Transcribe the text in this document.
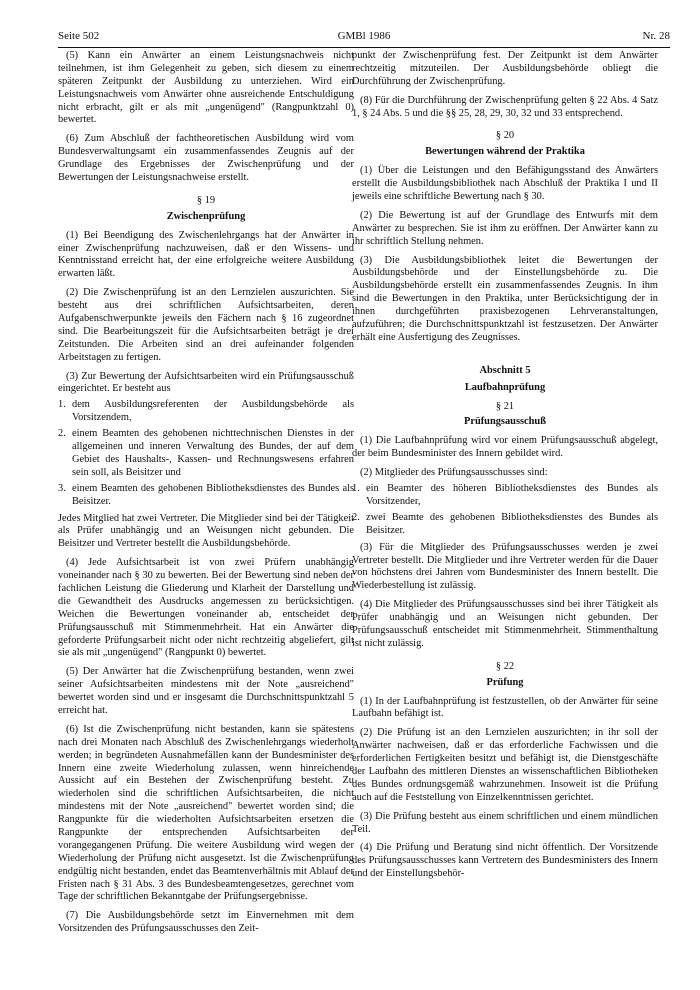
Seite 502	GMBl 1986	Nr. 28

(5) Kann ein Anwärter an einem Leistungsnachweis nicht teilnehmen, ist ihm Gelegenheit zu geben, sich diesem zu einem späteren Zeitpunkt der Ausbildung zu unterziehen. Wird ein Leistungsnachweis vom Anwärter ohne ausreichende Entschuldigung nicht erbracht, gilt er als mit „ungenügend" (Rangpunktzahl 0) bewertet.

(6) Zum Abschluß der fachtheoretischen Ausbildung wird vom Bundesverwaltungsamt ein zusammenfassendes Zeugnis auf der Grundlage des Ergebnisses der Zwischenprüfung und der Bewertungen der Leistungsnachweise erstellt.

§ 19

Zwischenprüfung

(1) Bei Beendigung des Zwischenlehrgangs hat der Anwärter in einer Zwischenprüfung nachzuweisen, daß er den Wissens- und Kenntnisstand erreicht hat, der eine erfolgreiche weitere Ausbildung erwarten läßt.

(2) Die Zwischenprüfung ist an den Lernzielen auszurichten. Sie besteht aus drei schriftlichen Aufsichtsarbeiten, deren Aufgabenschwerpunkte jeweils den Fächern nach § 16 zugeordnet sind. Die Bearbeitungszeit für die Aufsichtsarbeiten beträgt je drei Zeitstunden. Die Arbeiten sind an drei aufeinander folgenden Arbeitstagen zu fertigen.

(3) Zur Bewertung der Aufsichtsarbeiten wird ein Prüfungsausschuß eingerichtet. Er besteht aus

1. dem Ausbildungsreferenten der Ausbildungsbehörde als Vorsitzendem,
2. einem Beamten des gehobenen nichttechnischen Dienstes in der allgemeinen und inneren Verwaltung des Bundes, der auf dem Gebiet des Haushalts-, Kassen- und Rechnungswesens erfahren sein soll, als Beisitzer und
3. einem Beamten des gehobenen Bibliotheksdienstes des Bundes als Beisitzer.

Jedes Mitglied hat zwei Vertreter. Die Mitglieder sind bei der Tätigkeit als Prüfer unabhängig und an Weisungen nicht gebunden. Die Beisitzer und Vertreter bestellt die Ausbildungsbehörde.

(4) Jede Aufsichtsarbeit ist von zwei Prüfern unabhängig voneinander nach § 30 zu bewerten. Bei der Bewertung sind neben der fachlichen Leistung die Gliederung und Klarheit der Darstellung und die Gewandtheit des Ausdrucks angemessen zu berücksichtigen. Weichen die Bewertungen voneinander ab, entscheidet der Prüfungsausschuß mit Stimmenmehrheit. Hat ein Anwärter die geforderte Prüfungsarbeit nicht oder nicht rechtzeitig abgeliefert, gilt sie als mit „ungenügend" (Rangpunkt 0) bewertet.

(5) Der Anwärter hat die Zwischenprüfung bestanden, wenn zwei seiner Aufsichtsarbeiten mindestens mit der Note „ausreichend" bewertet worden sind und er insgesamt die Durchschnittspunktzahl 5 erreicht hat.

(6) Ist die Zwischenprüfung nicht bestanden, kann sie spätestens nach drei Monaten nach Abschluß des Zwischenlehrgangs wiederholt werden; in begründeten Ausnahmefällen kann der Bundesminister des Innern eine zweite Wiederholung zulassen, wenn hinreichende Aussicht auf ein Bestehen der Zwischenprüfung besteht. Zu wiederholen sind die schriftlichen Aufsichtsarbeiten, die nicht mindestens mit der Note „ausreichend" bewertet worden sind; die Rangpunkte für die wiederholten Aufsichtsarbeiten ersetzen die Rangpunkte der entsprechenden Aufsichtsarbeiten der vorangegangenen Prüfung. Die weitere Ausbildung wird wegen der Wiederholung der Prüfung nicht ausgesetzt. Ist die Zwischenprüfung endgültig nicht bestanden, endet das Beamtenverhältnis mit Ablauf der Fristen nach § 31 Abs. 3 des Bundesbeamtengesetzes, gerechnet vom Tage der schriftlichen Bekanntgabe der Prüfungsergebnisse.

(7) Die Ausbildungsbehörde setzt im Einvernehmen mit dem Vorsitzenden des Prüfungsausschusses den Zeit-

punkt der Zwischenprüfung fest. Der Zeitpunkt ist dem Anwärter rechtzeitig mitzuteilen. Der Ausbildungsbehörde obliegt die Durchführung der Zwischenprüfung.

(8) Für die Durchführung der Zwischenprüfung gelten § 22 Abs. 4 Satz 1, § 24 Abs. 5 und die §§ 25, 28, 29, 30, 32 und 33 entsprechend.

§ 20

Bewertungen während der Praktika

(1) Über die Leistungen und den Befähigungsstand des Anwärters erstellt die Ausbildungsbibliothek nach Abschluß der Praktika I und II jeweils eine schriftliche Bewertung nach § 30.

(2) Die Bewertung ist auf der Grundlage des Entwurfs mit dem Anwärter zu besprechen. Sie ist ihm zu eröffnen. Der Anwärter kann zu ihr schriftlich Stellung nehmen.

(3) Die Ausbildungsbibliothek leitet die Bewertungen der Ausbildungsbehörde und der Einstellungsbehörde zu. Die Ausbildungsbehörde erstellt ein zusammenfassendes Zeugnis. In ihm sind die Bewertungen in den Praktika, unter Berücksichtigung der in ihnen durchgeführten praxisbezogenen Lehrveranstaltungen, aufzuführen; die Durchschnittspunktzahl ist festzusetzen. Der Anwärter erhält eine Ausfertigung des Zeugnisses.

Abschnitt 5

Laufbahnprüfung

§ 21

Prüfungsausschuß

(1) Die Laufbahnprüfung wird vor einem Prüfungsausschuß abgelegt, der beim Bundesminister des Innern gebildet wird.

(2) Mitglieder des Prüfungsausschusses sind:

1. ein Beamter des höheren Bibliotheksdienstes des Bundes als Vorsitzender,
2. zwei Beamte des gehobenen Bibliotheksdienstes des Bundes als Beisitzer.

(3) Für die Mitglieder des Prüfungsausschusses werden je zwei Vertreter bestellt. Die Mitglieder und ihre Vertreter werden für die Dauer von höchstens drei Jahren vom Bundesminister des Innern bestellt. Die Wiederbestellung ist zulässig.

(4) Die Mitglieder des Prüfungsausschusses sind bei ihrer Tätigkeit als Prüfer unabhängig und an Weisungen nicht gebunden. Der Prüfungsausschuß entscheidet mit Stimmenmehrheit. Stimmenthaltung ist nicht zulässig.

§ 22

Prüfung

(1) In der Laufbahnprüfung ist festzustellen, ob der Anwärter für seine Laufbahn befähigt ist.

(2) Die Prüfung ist an den Lernzielen auszurichten; in ihr soll der Anwärter nachweisen, daß er das erforderliche Fachwissen und die erforderlichen Fertigkeiten besitzt und befähigt ist, die Dienstgeschäfte der Laufbahn des mittleren Dienstes an wissenschaftlichen Bibliotheken des Bundes ordnungsgemäß wahrzunehmen. Insoweit ist die Prüfung auch auf die Feststellung von Einzelkenntnissen gerichtet.

(3) Die Prüfung besteht aus einem schriftlichen und einem mündlichen Teil.

(4) Die Prüfung und Beratung sind nicht öffentlich. Der Vorsitzende des Prüfungsausschusses kann Vertretern des Bundesministers des Innern und der Einstellungsbehör-
